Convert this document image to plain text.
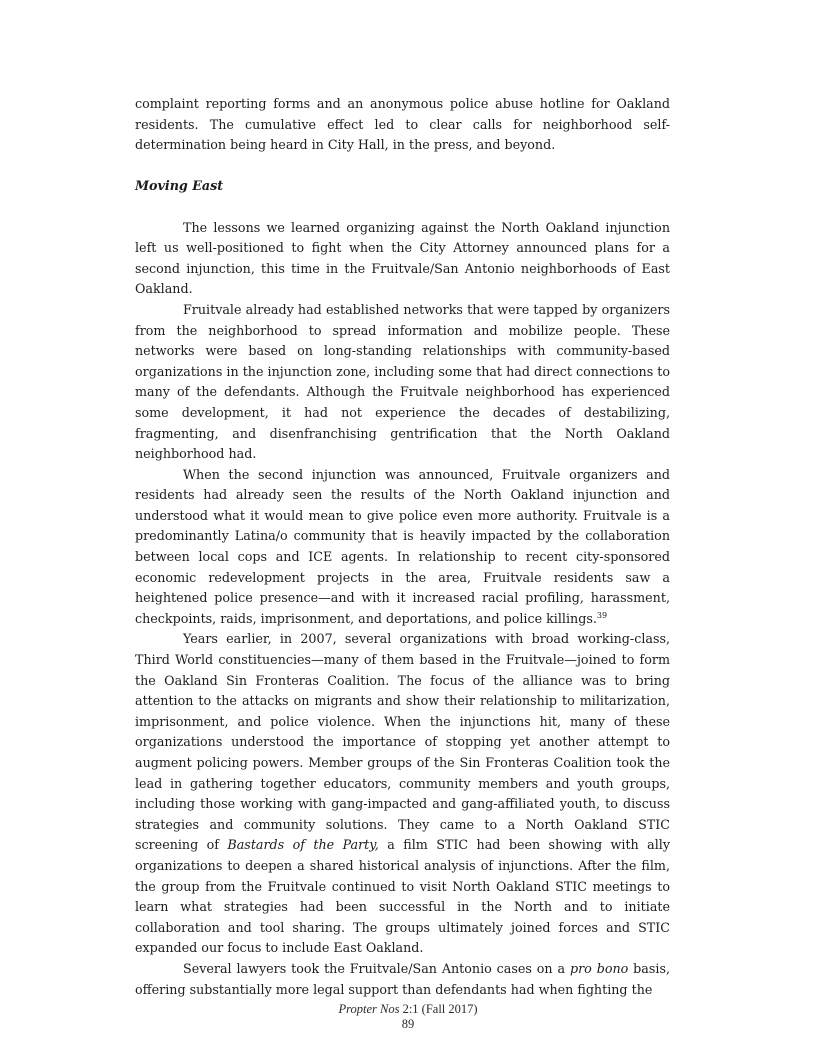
complaint reporting forms and an anonymous police abuse hotline for Oakland residents. The cumulative effect led to clear calls for neighborhood self-determination being heard in City Hall, in the press, and beyond.

Moving East

The lessons we learned organizing against the North Oakland injunction left us well-positioned to fight when the City Attorney announced plans for a second injunction, this time in the Fruitvale/San Antonio neighborhoods of East Oakland.

Fruitvale already had established networks that were tapped by organizers from the neighborhood to spread information and mobilize people. These networks were based on long-standing relationships with community-based organizations in the injunction zone, including some that had direct connections to many of the defendants. Although the Fruitvale neighborhood has experienced some development, it had not experience the decades of destabilizing, fragmenting, and disenfranchising gentrification that the North Oakland neighborhood had.

When the second injunction was announced, Fruitvale organizers and residents had already seen the results of the North Oakland injunction and understood what it would mean to give police even more authority. Fruitvale is a predominantly Latina/o community that is heavily impacted by the collaboration between local cops and ICE agents. In relationship to recent city-sponsored economic redevelopment projects in the area, Fruitvale residents saw a heightened police presence—and with it increased racial profiling, harassment, checkpoints, raids, imprisonment, and deportations, and police killings.$^{39}$

Years earlier, in 2007, several organizations with broad working-class, Third World constituencies—many of them based in the Fruitvale—joined to form the Oakland Sin Fronteras Coalition. The focus of the alliance was to bring attention to the attacks on migrants and show their relationship to militarization, imprisonment, and police violence. When the injunctions hit, many of these organizations understood the importance of stopping yet another attempt to augment policing powers. Member groups of the Sin Fronteras Coalition took the lead in gathering together educators, community members and youth groups, including those working with gang-impacted and gang-affiliated youth, to discuss strategies and community solutions. They came to a North Oakland STIC screening of Bastards of the Party, a film STIC had been showing with ally organizations to deepen a shared historical analysis of injunctions. After the film, the group from the Fruitvale continued to visit North Oakland STIC meetings to learn what strategies had been successful in the North and to initiate collaboration and tool sharing. The groups ultimately joined forces and STIC expanded our focus to include East Oakland.

Several lawyers took the Fruitvale/San Antonio cases on a pro bono basis, offering substantially more legal support than defendants had when fighting the

Propter Nos 2:1 (Fall 2017)
89
